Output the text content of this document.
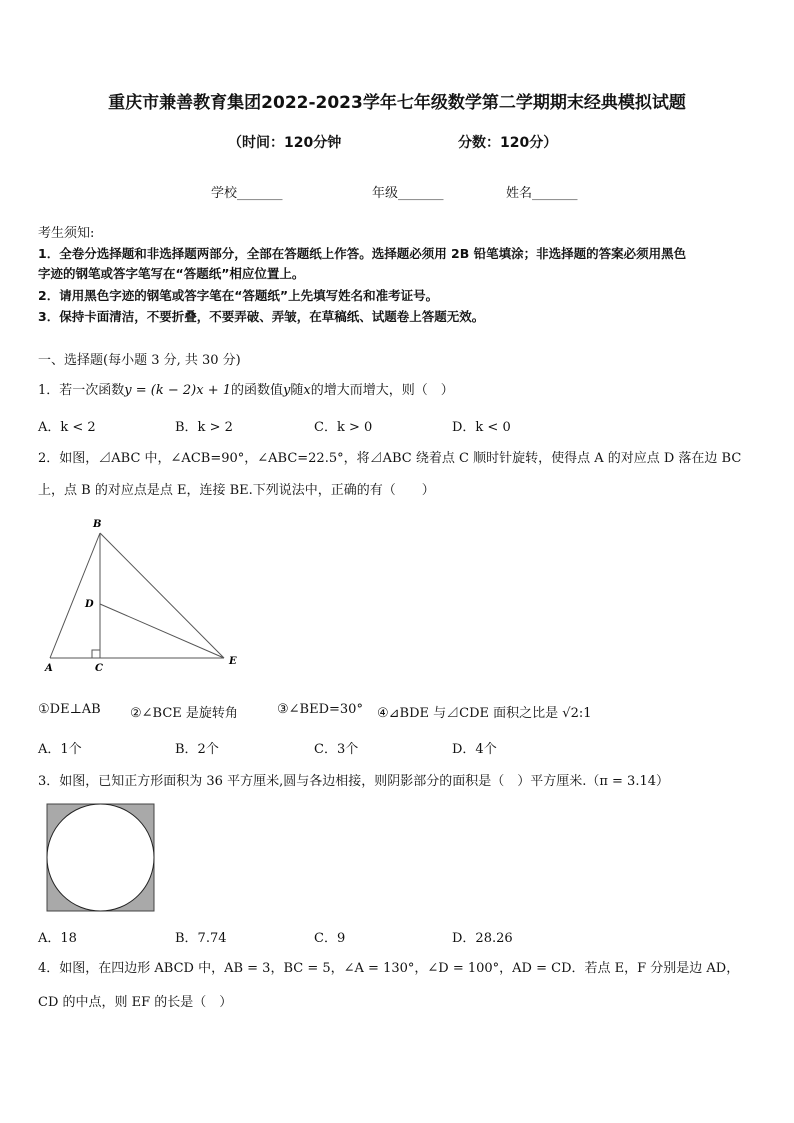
重庆市兼善教育集团2022-2023学年七年级数学第二学期期末经典模拟试题
（时间：120分钟	分数：120分）
学校_______	年级_______	姓名_______
考生须知:
1．全卷分选择题和非选择题两部分，全部在答题纸上作答。选择题必须用 2B 铅笔填涂；非选择题的答案必须用黑色
字迹的钢笔或答字笔写在“答题纸”相应位置上。
2．请用黑色字迹的钢笔或答字笔在“答题纸”上先填写姓名和准考证号。
3．保持卡面清洁，不要折叠，不要弄破、弄皱，在草稿纸、试题卷上答题无效。
一、选择题(每小题 3 分, 共 30 分)
1．若一次函数y = (k − 2)x + 1的函数值y随x的增大而增大，则（　）
A．k < 2	B．k > 2	C．k > 0	D．k < 0
2．如图，⊿ABC 中，∠ACB=90°，∠ABC=22.5°，将⊿ABC 绕着点 C 顺时针旋转，使得点 A 的对应点 D 落在边 BC
上，点 B 的对应点是点 E，连接 BE.下列说法中，正确的有（　　）
B
D
A	C
E
①DE⊥AB ②∠BCE 是旋转角	③∠BED=30° ④⊿BDE 与⊿CDE 面积之比是 √2:1
A．1个	B．2个	C．3个	D．4个
3．如图，已知正方形面积为 36 平方厘米,圆与各边相接，则阴影部分的面积是（　）平方厘米.（π = 3.14）
A．18	B．7.74	C．9	D．28.26
4．如图，在四边形 ABCD 中，AB = 3，BC = 5，∠A = 130°，∠D = 100°，AD = CD．若点 E，F 分别是边 AD，
CD 的中点，则 EF 的长是（　）
